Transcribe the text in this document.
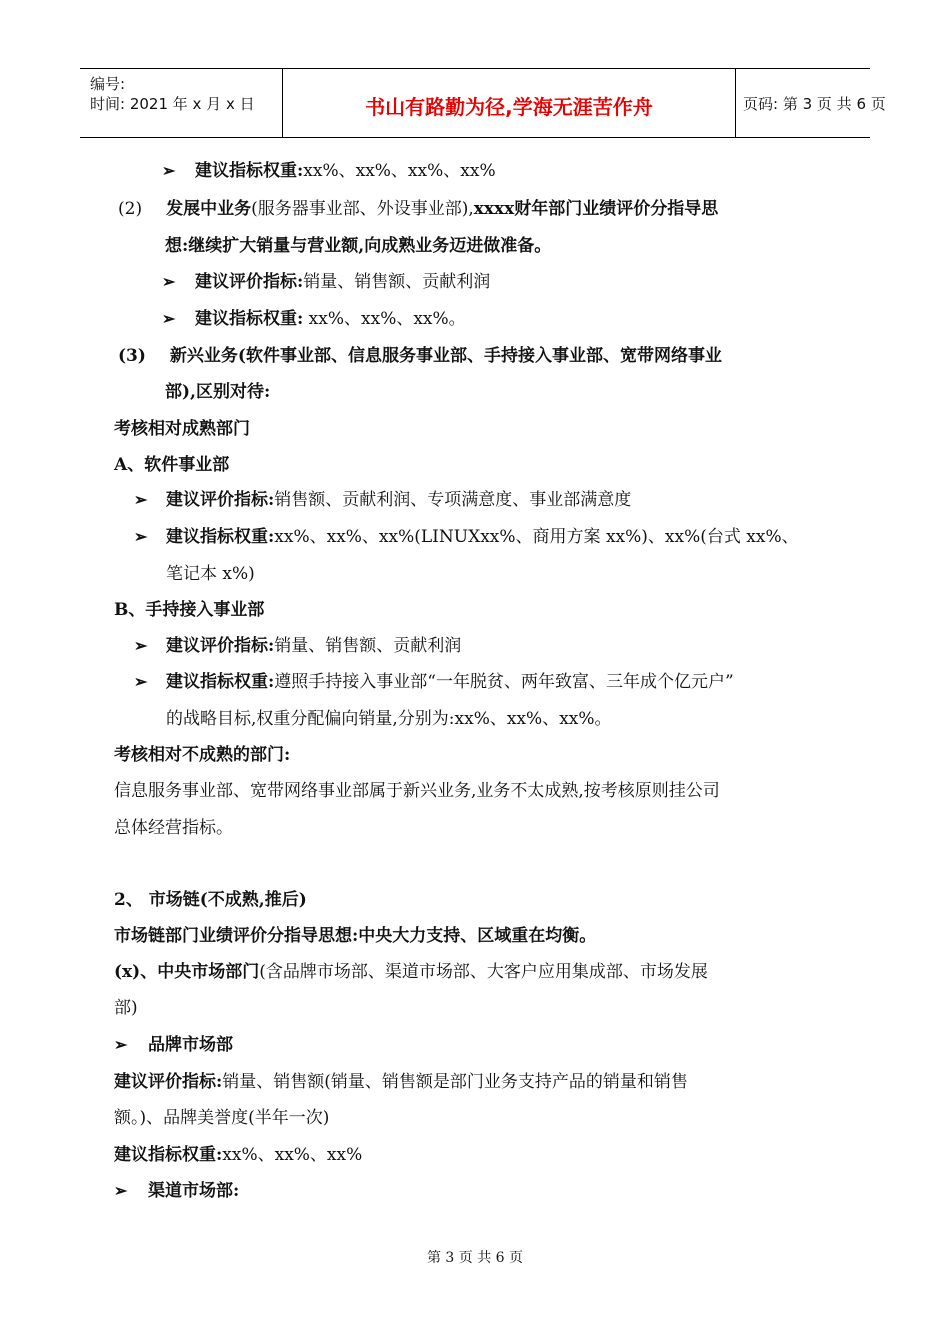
编号:
时间: 2021 年 x 月 x 日	书山有路勤为径,学海无涯苦作舟	页码: 第 3 页 共 6 页
➢ 建议指标权重:xx%、xx%、xx%、xx%
(2) 发展中业务(服务器事业部、外设事业部),xxxx财年部门业绩评价分指导思
想:继续扩大销量与营业额,向成熟业务迈进做准备。
➢ 建议评价指标:销量、销售额、贡献利润
➢ 建议指标权重: xx%、xx%、xx%。
(3) 新兴业务(软件事业部、信息服务事业部、手持接入事业部、宽带网络事业
部),区别对待:
考核相对成熟部门
A、软件事业部
➢ 建议评价指标:销售额、贡献利润、专项满意度、事业部满意度
➢ 建议指标权重:xx%、xx%、xx%(LINUXxx%、商用方案 xx%)、xx%(台式 xx%、
笔记本 x%)
B、手持接入事业部
➢ 建议评价指标:销量、销售额、贡献利润
➢ 建议指标权重:遵照手持接入事业部“一年脱贫、两年致富、三年成个亿元户”
的战略目标,权重分配偏向销量,分别为:xx%、xx%、xx%。
考核相对不成熟的部门:
信息服务事业部、宽带网络事业部属于新兴业务,业务不太成熟,按考核原则挂公司
总体经营指标。
2、 市场链(不成熟,推后)
市场链部门业绩评价分指导思想:中央大力支持、区域重在均衡。
(x)、中央市场部门(含品牌市场部、渠道市场部、大客户应用集成部、市场发展
部)
➢ 品牌市场部
建议评价指标:销量、销售额(销量、销售额是部门业务支持产品的销量和销售
额。)、品牌美誉度(半年一次)
建议指标权重:xx%、xx%、xx%
➢ 渠道市场部:
第 3 页 共 6 页
